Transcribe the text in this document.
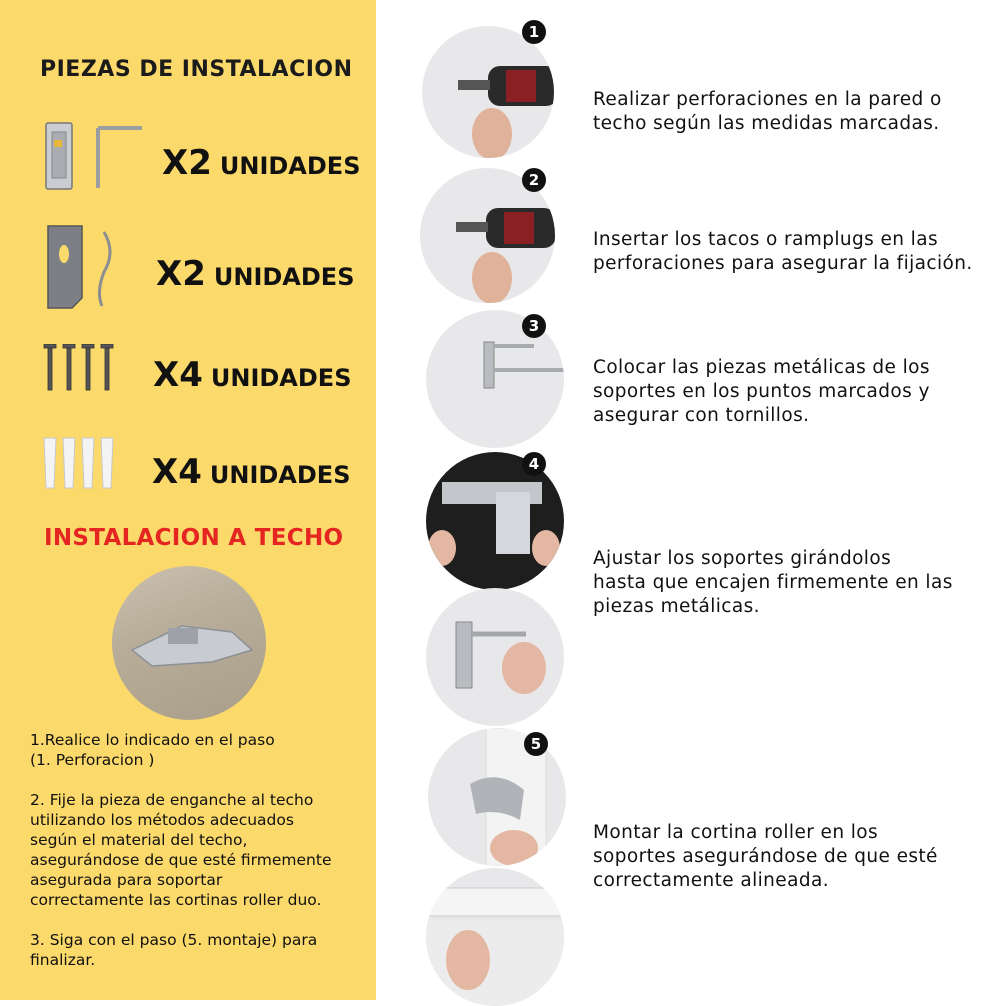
PIEZAS DE INSTALACION
X2 UNIDADES
X2 UNIDADES
X4 UNIDADES
X4 UNIDADES
INSTALACION A TECHO
1.Realice lo indicado en el paso
(1. Perforacion )
2. Fije la pieza de enganche al techo
utilizando los métodos adecuados
según el material del techo,
asegurándose de que esté firmemente
asegurada para soportar
correctamente las cortinas roller duo.
3. Siga con el paso (5. montaje) para
finalizar.
1
Realizar perforaciones en la pared o
techo según las medidas marcadas.
2
Insertar los tacos o ramplugs en las
perforaciones para asegurar la fijación.
3
Colocar las piezas metálicas de los
soportes en los puntos marcados y
asegurar con tornillos.
4
Ajustar los soportes girándolos
hasta que encajen firmemente en las
piezas metálicas.
5
Montar la cortina roller en los
soportes asegurándose de que esté
correctamente alineada.
